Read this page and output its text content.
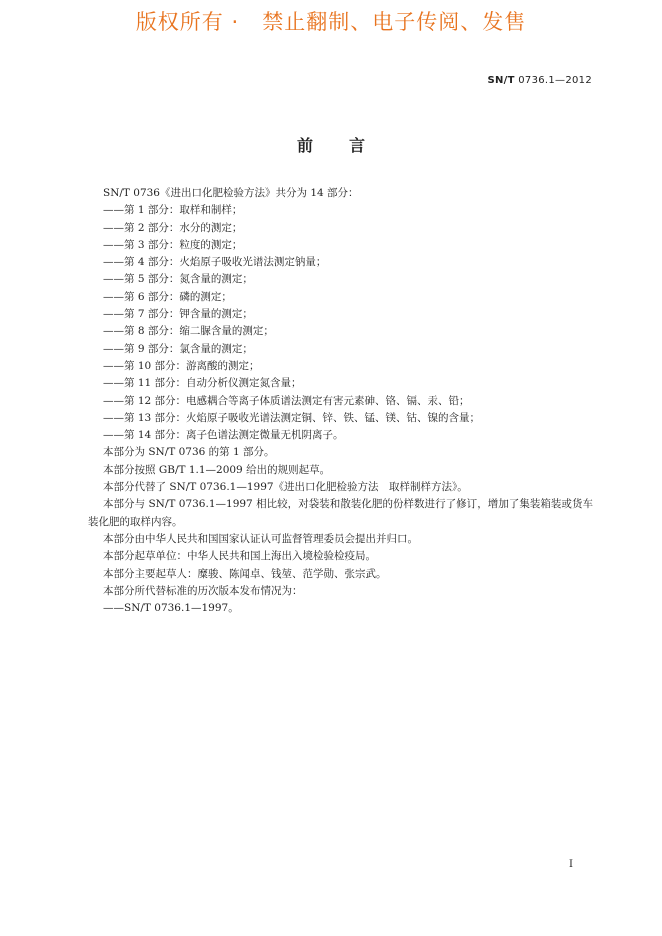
版权所有 ·   禁止翻制、电子传阅、发售
SN/T 0736.1—2012
前言

SN/T 0736《进出口化肥检验方法》共分为 14 部分：

——第 1 部分：取样和制样；

——第 2 部分：水分的测定；

——第 3 部分：粒度的测定；

——第 4 部分：火焰原子吸收光谱法测定钠量；

——第 5 部分：氮含量的测定；

——第 6 部分：磷的测定；

——第 7 部分：钾含量的测定；

——第 8 部分：缩二脲含量的测定；

——第 9 部分：氯含量的测定；

——第 10 部分：游离酸的测定；

——第 11 部分：自动分析仪测定氮含量；

——第 12 部分：电感耦合等离子体质谱法测定有害元素砷、铬、镉、汞、铅；

——第 13 部分：火焰原子吸收光谱法测定铜、锌、铁、锰、镁、钴、镍的含量；

——第 14 部分：离子色谱法测定微量无机阴离子。

本部分为 SN/T 0736 的第 1 部分。

本部分按照 GB/T 1.1—2009 给出的规则起草。

本部分代替了 SN/T 0736.1—1997《进出口化肥检验方法　取样制样方法》。

本部分与 SN/T 0736.1—1997 相比较，对袋装和散装化肥的份样数进行了修订，增加了集装箱装或货车装化肥的取样内容。

本部分由中华人民共和国国家认证认可监督管理委员会提出并归口。

本部分起草单位：中华人民共和国上海出入境检验检疫局。

本部分主要起草人：糜骏、陈闻卓、钱堃、范学勋、张宗武。

本部分所代替标准的历次版本发布情况为：

——SN/T 0736.1—1997。

I
